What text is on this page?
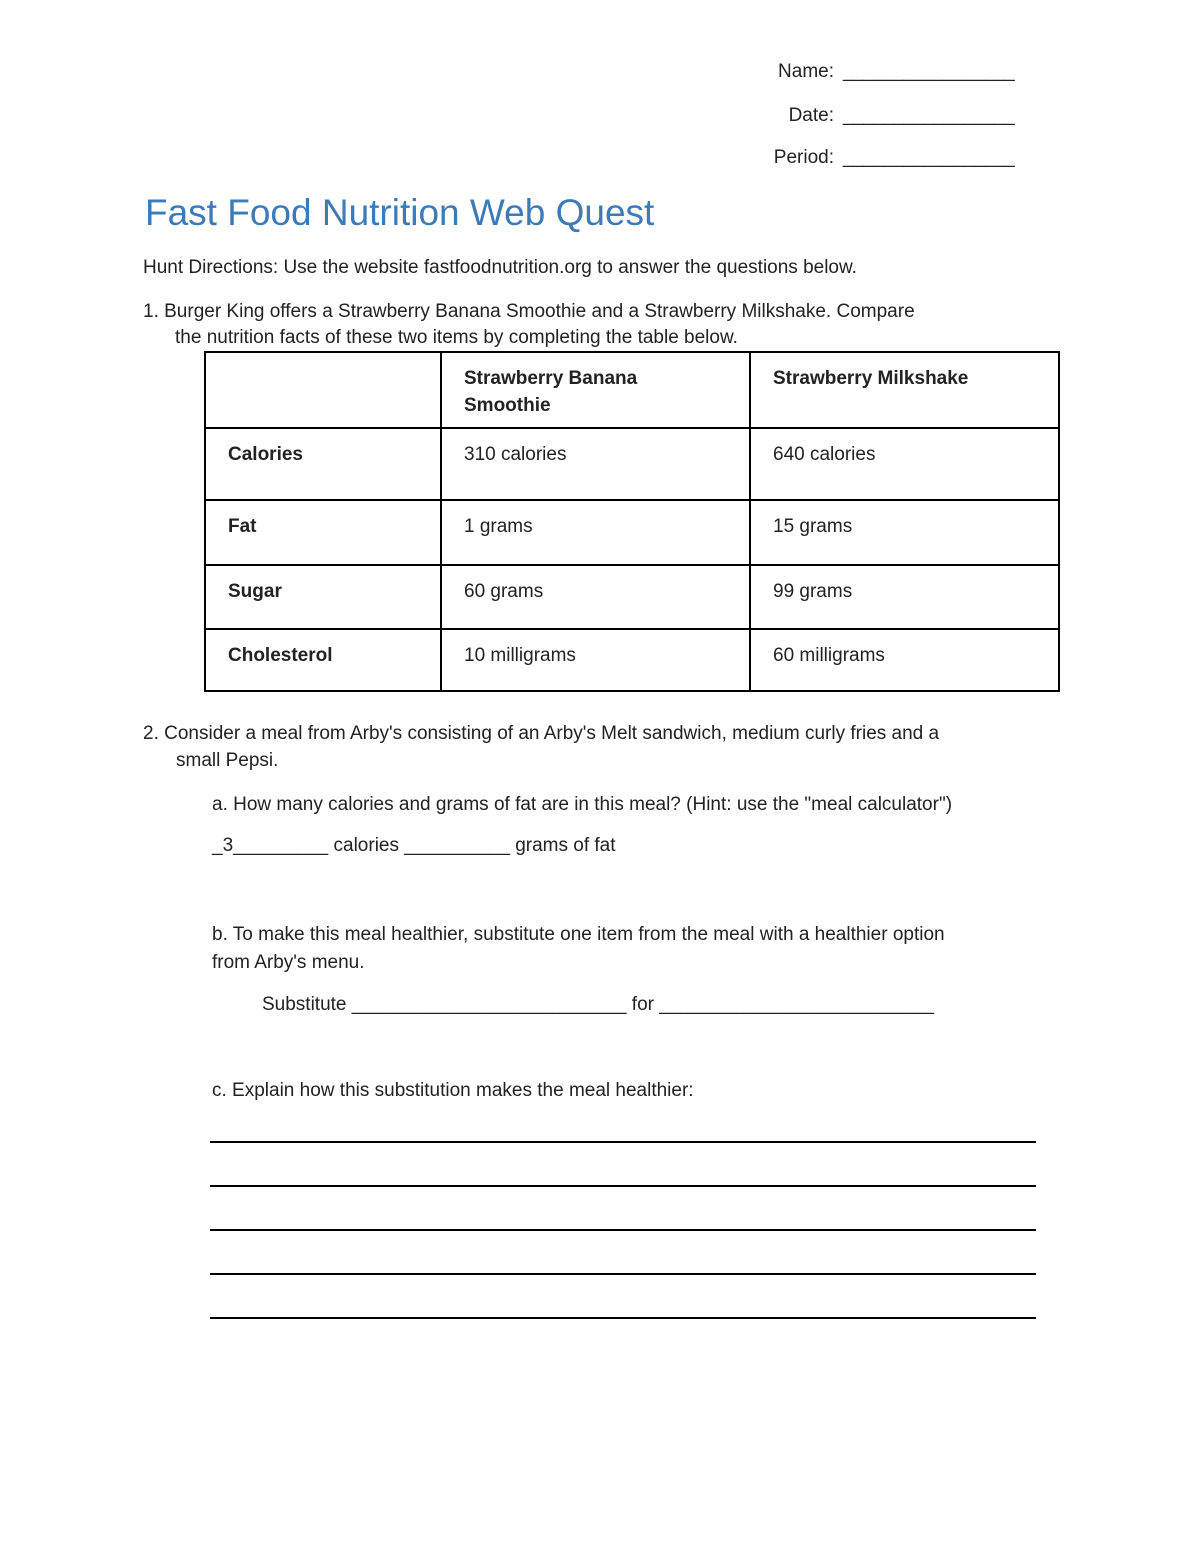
Name: _________________
Date: _________________
Period: _________________
Fast Food Nutrition Web Quest
Hunt Directions: Use the website fastfoodnutrition.org to answer the questions below.
1. Burger King offers a Strawberry Banana Smoothie and a Strawberry Milkshake. Compare
the nutrition facts of these two items by completing the table below.
	Strawberry Banana Smoothie	Strawberry Milkshake
Calories	310 calories	640 calories
Fat	1 grams	15 grams
Sugar	60 grams	99 grams
Cholesterol	10 milligrams	60 milligrams
2. Consider a meal from Arby's consisting of an Arby's Melt sandwich, medium curly fries and a
small Pepsi.
a. How many calories and grams of fat are in this meal? (Hint: use the "meal calculator")
_3_________ calories __________ grams of fat
b. To make this meal healthier, substitute one item from the meal with a healthier option
from Arby's menu.
Substitute __________________________ for __________________________
c. Explain how this substitution makes the meal healthier:
